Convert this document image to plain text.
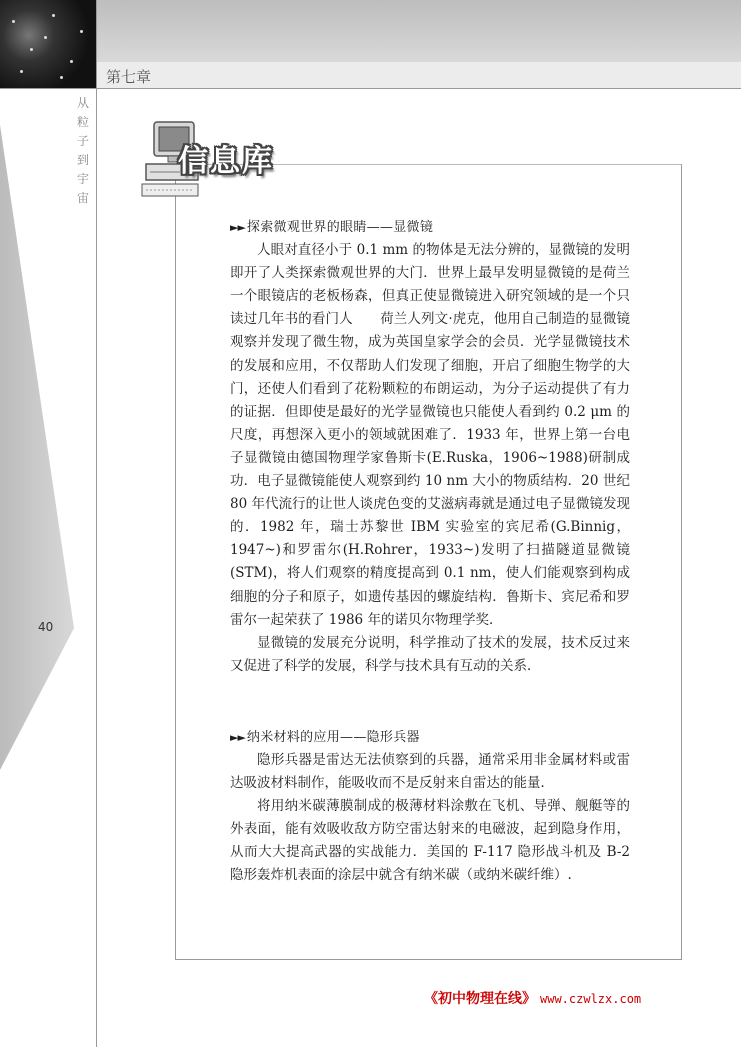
第七章
从
粒
子
到
宇
宙
40
信息库
►► 探索微观世界的眼睛——显微镜

人眼对直径小于 0.1 mm 的物体是无法分辨的，显微镜的发明即开了人类探索微观世界的大门．世界上最早发明显微镜的是荷兰一个眼镜店的老板杨森，但真正使显微镜进入研究领域的是一个只读过几年书的看门人　　荷兰人列文·虎克，他用自己制造的显微镜观察并发现了微生物，成为英国皇家学会的会员．光学显微镜技术的发展和应用，不仅帮助人们发现了细胞，开启了细胞生物学的大门，还使人们看到了花粉颗粒的布朗运动，为分子运动提供了有力的证据．但即使是最好的光学显微镜也只能使人看到约 0.2 μm 的尺度，再想深入更小的领域就困难了．1933 年，世界上第一台电子显微镜由德国物理学家鲁斯卡(E.Ruska，1906~1988)研制成功．电子显微镜能使人观察到约 10 nm 大小的物质结构．20 世纪 80 年代流行的让世人谈虎色变的艾滋病毒就是通过电子显微镜发现的．1982 年，瑞士苏黎世 IBM 实验室的宾尼希(G.Binnig，1947~)和罗雷尔(H.Rohrer，1933~)发明了扫描隧道显微镜(STM)，将人们观察的精度提高到 0.1 nm，使人们能观察到构成细胞的分子和原子，如遗传基因的螺旋结构．鲁斯卡、宾尼希和罗雷尔一起荣获了 1986 年的诺贝尔物理学奖．

显微镜的发展充分说明，科学推动了技术的发展，技术反过来又促进了科学的发展，科学与技术具有互动的关系．

►► 纳米材料的应用——隐形兵器

隐形兵器是雷达无法侦察到的兵器，通常采用非金属材料或雷达吸波材料制作，能吸收而不是反射来自雷达的能量．

将用纳米碳薄膜制成的极薄材料涂敷在飞机、导弹、舰艇等的外表面，能有效吸收敌方防空雷达射来的电磁波，起到隐身作用，从而大大提高武器的实战能力．美国的 F-117 隐形战斗机及 B-2 隐形轰炸机表面的涂层中就含有纳米碳（或纳米碳纤维）.

《初中物理在线》 www.czwlzx.com
